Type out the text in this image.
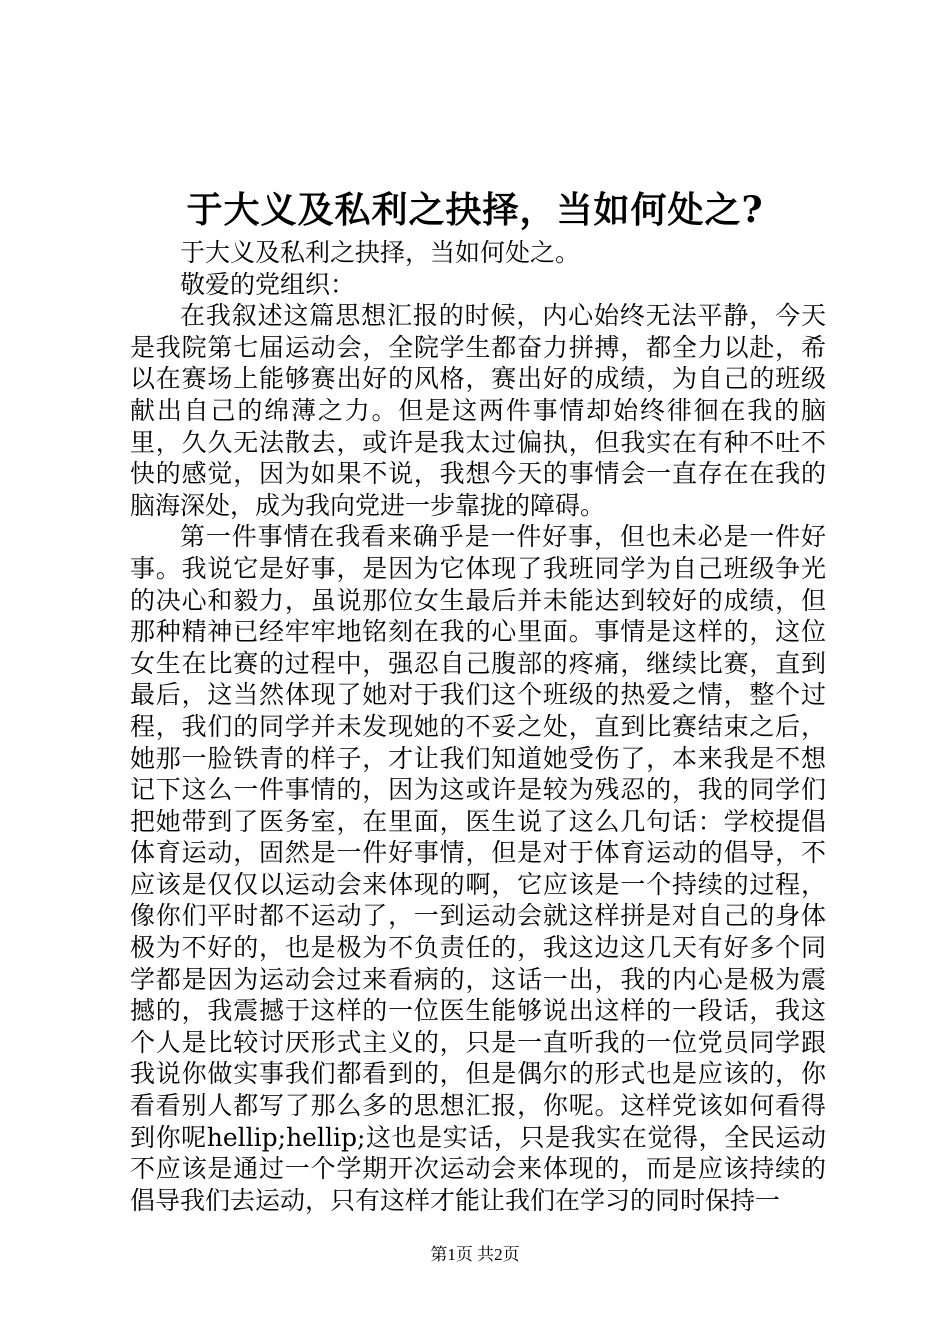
于大义及私利之抉择，当如何处之?

于大义及私利之抉择，当如何处之。

敬爱的党组织：

在我叙述这篇思想汇报的时候，内心始终无法平静，今天是我院第七届运动会，全院学生都奋力拼搏，都全力以赴，希以在赛场上能够赛出好的风格，赛出好的成绩，为自己的班级献出自己的绵薄之力。但是这两件事情却始终徘徊在我的脑里，久久无法散去，或许是我太过偏执，但我实在有种不吐不快的感觉，因为如果不说，我想今天的事情会一直存在在我的脑海深处，成为我向党进一步靠拢的障碍。

第一件事情在我看来确乎是一件好事，但也未必是一件好事。我说它是好事，是因为它体现了我班同学为自己班级争光的决心和毅力，虽说那位女生最后并未能达到较好的成绩，但那种精神已经牢牢地铭刻在我的心里面。事情是这样的，这位女生在比赛的过程中，强忍自己腹部的疼痛，继续比赛，直到最后，这当然体现了她对于我们这个班级的热爱之情，整个过程，我们的同学并未发现她的不妥之处，直到比赛结束之后，她那一脸铁青的样子，才让我们知道她受伤了，本来我是不想记下这么一件事情的，因为这或许是较为残忍的，我的同学们把她带到了医务室，在里面，医生说了这么几句话：学校提倡体育运动，固然是一件好事情，但是对于体育运动的倡导，不应该是仅仅以运动会来体现的啊，它应该是一个持续的过程，像你们平时都不运动了，一到运动会就这样拼是对自己的身体极为不好的，也是极为不负责任的，我这边这几天有好多个同学都是因为运动会过来看病的，这话一出，我的内心是极为震撼的，我震撼于这样的一位医生能够说出这样的一段话，我这个人是比较讨厌形式主义的，只是一直听我的一位党员同学跟我说你做实事我们都看到的，但是偶尔的形式也是应该的，你看看别人都写了那么多的思想汇报，你呢。这样党该如何看得到你呢hellip;hellip;这也是实话，只是我实在觉得，全民运动不应该是通过一个学期开次运动会来体现的，而是应该持续的倡导我们去运动，只有这样才能让我们在学习的同时保持一

第1页 共2页
